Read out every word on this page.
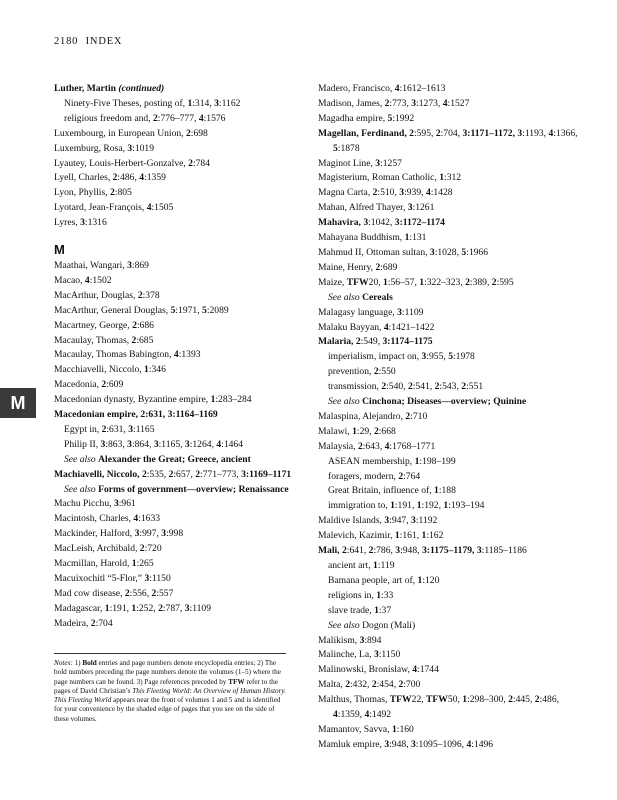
2180 INDEX
Luther, Martin (continued)
Ninety-Five Theses, posting of, 1:314, 3:1162
religious freedom and, 2:776–777, 4:1576
Luxembourg, in European Union, 2:698
Luxemburg, Rosa, 3:1019
Lyautey, Louis-Herbert-Gonzalve, 2:784
Lyell, Charles, 2:486, 4:1359
Lyon, Phyllis, 2:805
Lyotard, Jean-François, 4:1505
Lyres, 3:1316
M
Maathai, Wangari, 3:869
Macao, 4:1502
MacArthur, Douglas, 2:378
MacArthur, General Douglas, 5:1971, 5:2089
Macartney, George, 2:686
Macaulay, Thomas, 2:685
Macaulay, Thomas Babington, 4:1393
Macchiavelli, Niccolo, 1:346
Macedonia, 2:609
Macedonian dynasty, Byzantine empire, 1:283–284
Macedonian empire, 2:631, 3:1164–1169
Egypt in, 2:631, 3:1165
Philip II, 3:863, 3:864, 3:1165, 3:1264, 4:1464
See also Alexander the Great; Greece, ancient
Machiavelli, Niccolo, 2:535, 2:657, 2:771–773, 3:1169–1171
See also Forms of government—overview; Renaissance
Machu Picchu, 3:961
Macintosh, Charles, 4:1633
Mackinder, Halford, 3:997, 3:998
MacLeish, Archibald, 2:720
Macmillan, Harold, 1:265
Macuixochitl “5-Flor,” 3:1150
Mad cow disease, 2:556, 2:557
Madagascar, 1:191, 1:252, 2:787, 3:1109
Madeira, 2:704
Madero, Francisco, 4:1612–1613
Madison, James, 2:773, 3:1273, 4:1527
Magadha empire, 5:1992
Magellan, Ferdinand, 2:595, 2:704, 3:1171–1172, 3:1193, 4:1366, 5:1878
Maginot Line, 3:1257
Magisterium, Roman Catholic, 1:312
Magna Carta, 2:510, 3:939, 4:1428
Mahan, Alfred Thayer, 3:1261
Mahavira, 3:1042, 3:1172–1174
Mahayana Buddhism, 1:131
Mahmud II, Ottoman sultan, 3:1028, 5:1966
Maine, Henry, 2:689
Maize, TFW20, 1:56–57, 1:322–323, 2:389, 2:595
See also Cereals
Malagasy language, 3:1109
Malaku Bayyan, 4:1421–1422
Malaria, 2:549, 3:1174–1175
imperialism, impact on, 3:955, 5:1978
prevention, 2:550
transmission, 2:540, 2:541, 2:543, 2:551
See also Cinchona; Diseases—overview; Quinine
Malaspina, Alejandro, 2:710
Malawi, 1:29, 2:668
Malaysia, 2:643, 4:1768–1771
ASEAN membership, 1:198–199
foragers, modern, 2:764
Great Britain, influence of, 1:188
immigration to, 1:191, 1:192, 1:193–194
Maldive Islands, 3:947, 3:1192
Malevich, Kazimir, 1:161, 1:162
Mali, 2:641, 2:786, 3:948, 3:1175–1179, 3:1185–1186
ancient art, 1:119
Bamana people, art of, 1:120
religions in, 1:33
slave trade, 1:37
See also Dogon (Mali)
Malikism, 3:894
Malinche, La, 3:1150
Malinowski, Bronislaw, 4:1744
Malta, 2:432, 2:454, 2:700
Malthus, Thomas, TFW22, TFW50, 1:298–300, 2:445, 2:486, 4:1359, 4:1492
Mamantov, Savva, 1:160
Mamluk empire, 3:948, 3:1095–1096, 4:1496
Notes: 1) Bold entries and page numbers denote encyclopedia entries; 2) The bold numbers preceding the page numbers denote the volumes (1–5) where the page numbers can be found. 3) Page references preceded by TFW refer to the pages of David Christian’s This Fleeting World: An Overview of Human History. This Fleeting World appears near the front of volumes 1 and 5 and is identified for your convenience by the shaded edge of pages that you see on the side of these volumes.
M
